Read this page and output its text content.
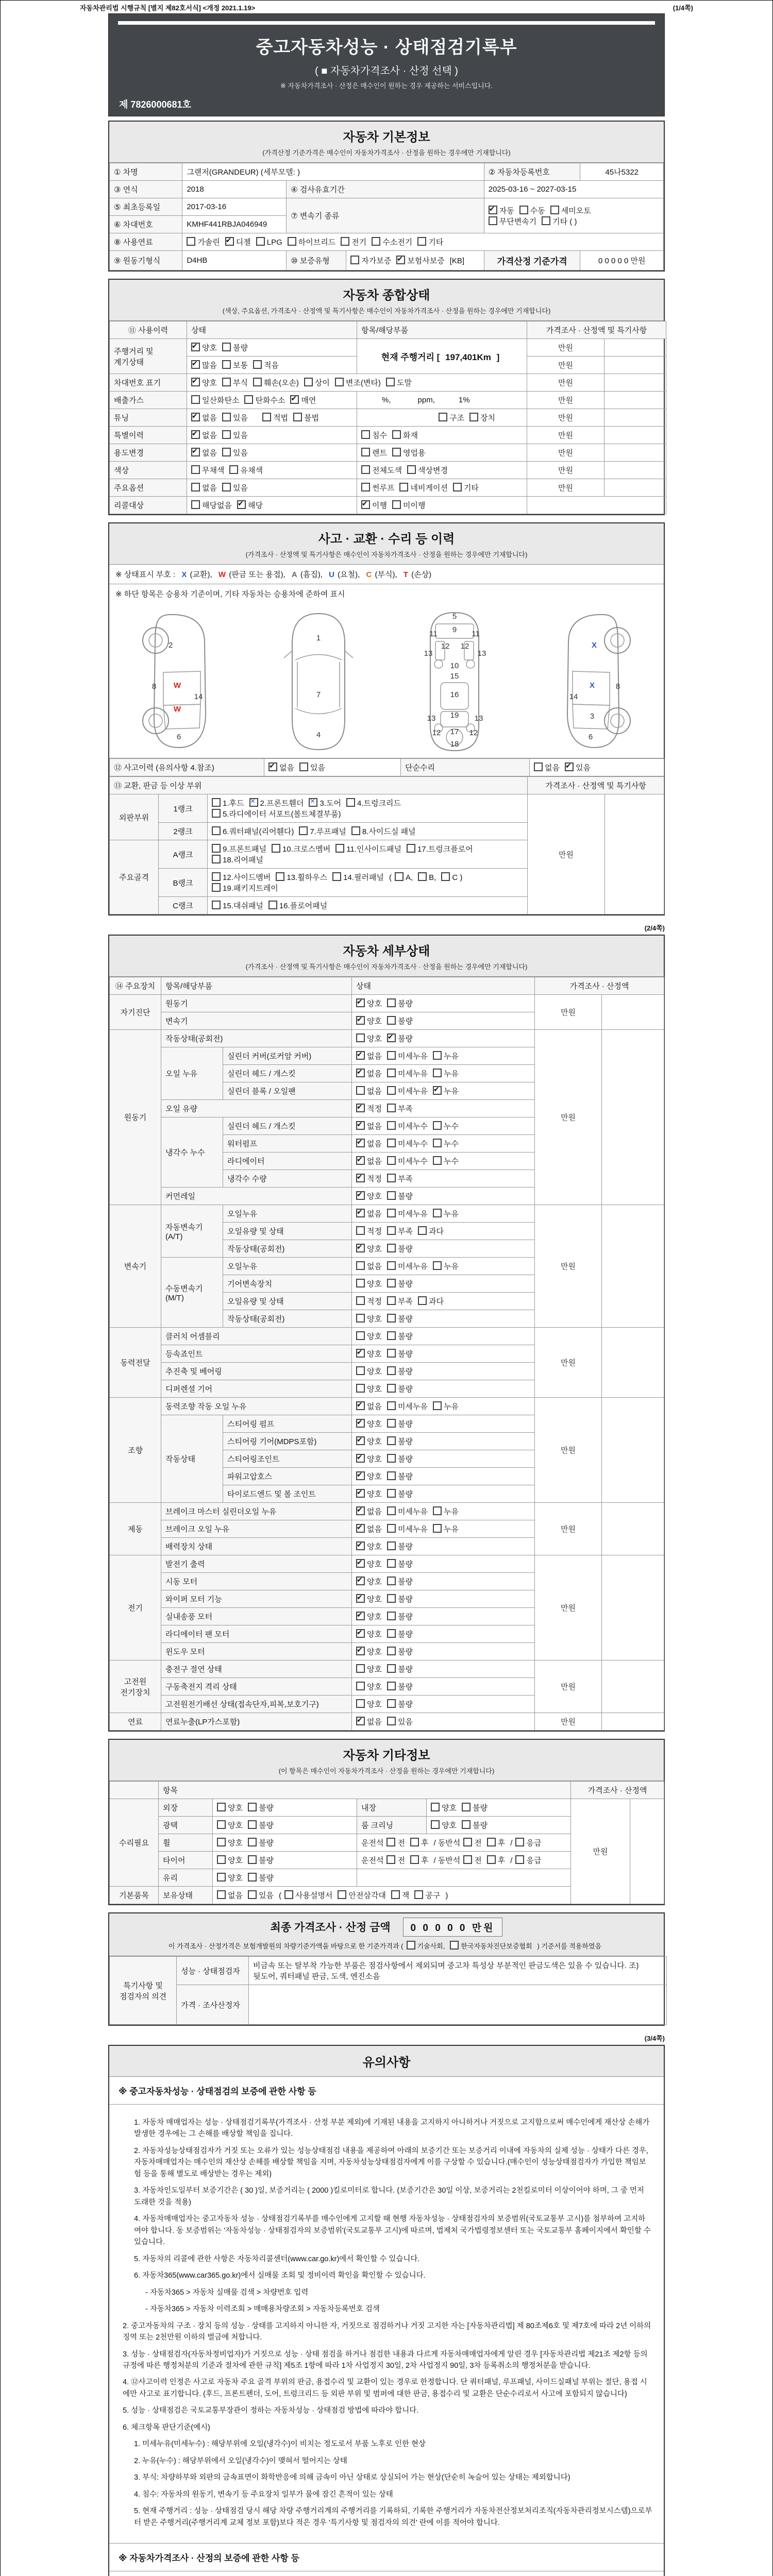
자동차관리법 시행규칙 [별지 제82호서식] <개정 2021.1.19>	(1/4쪽)
중고자동차성능 · 상태점검기록부
( ■ 자동차가격조사 · 산정 선택 )
※ 자동차가격조사 · 산정은 매수인이 원하는 경우 제공하는 서비스입니다.
제 7826000681호
자동차 기본정보
(가격산정 기준가격은 매수인이 자동차가격조사 · 산정을 원하는 경우에만 기재합니다)
① 차명	그랜저(GRANDEUR) (세부모델: )			② 자동차등록번호	45나5322
③ 연식	2018	④ 검사유효기간		2025-03-16 ~ 2027-03-15	
⑤ 최초등록일	2017-03-16	⑦ 변속기 종류	✔자동 수동 세미오토
무단변속기 기타 ( )
⑥ 차대번호	KMHF441RBJA046949				
⑧ 사용연료	가솔린 ✔ 디젤 LPG 하이브리드 전기 수소전기 기타
⑨ 원동기형식	D4HB	⑩ 보증유형	자가보증 ✔ 보험사보증 [KB]	가격산정 기준가격	0 0 0 0 0 만원
자동차 종합상태
(색상, 주요옵션, 가격조사 · 산정액 및 특기사항은 매수인이 자동차가격조사 · 산정을 원하는 경우에만 기재합니다)
⑪ 사용이력	상태	항목/해당부품	가격조사 · 산정액 및 특기사항	
주행거리 및 계기상태	✔양호 불량	현재 주행거리 [ 197,401Km ]	만원	
✔많음 보통 적음		만원	
차대번호 표기	✔양호 부식 훼손(오손) 상이 변조(변타) 도말		만원	
배출가스	일산화탄소 탄화수소 ✔ 매연	%, ppm, 1%	만원	
튜닝	✔없음 있음 적법 불법	구조 장치	만원	
특별이력	✔없음 있음	침수 화재	만원	
용도변경	✔없음 있음	렌트 영업용	만원	
색상	무채색 유채색	전체도색 색상변경	만원	
주요옵션	없음 있음	썬루프 네비게이션 기타	만원	
리콜대상	해당없음 ✔ 해당	✔이행 미이행	
사고 · 교환 · 수리 등 이력
(가격조사 · 산정액 및 특기사항은 매수인이 자동차가격조사 · 산정을 원하는 경우에만 기재합니다)
※ 상태표시 부호 : X (교환), W (판금 또는 용접), A (흠집), U (요철), C (부식), T (손상)
※ 하단 항목은 승용차 기준이며, 기타 자동차는 승용차에 준하여 표시
2
8 W
14
W
6
1
7
4
5
9
11	11
13	13
12 12
10
15
16
19
13	13
12	12
17
18
X
8
X
14
3
6
⑫ 사고이력 (유의사항 4.참조)	✔없음 있음	단순수리	없음 ✔ 있음
⑬ 교환, 판금 등 이상 부위			가격조사 · 산정액 및 특기사항	
외판부위	1랭크	1.후드 ✕ 2.프론트휀더 ✕ 3.도어 4.트렁크리드
5.라디에이터 서포트(볼트체결부품)	만원	
	2랭크	6.쿼터패널(리어휀다) 7.루프패널 8.사이드실 패널		
주요골격	A랭크	9.프론트패널 10.크로스멤버 11.인사이드패널 17.트렁크플로어
18.리어패널		
	B랭크	12.사이드멤버 13.휠하우스 14.필러패널 ( A, B, C )
19.패키지트레이		
	C랭크	15.대쉬패널 16.플로어패널		
(2/4쪽)
자동차 세부상태
(가격조사 · 산정액 및 특기사항은 매수인이 자동차가격조사 · 산정을 원하는 경우에만 기재합니다)
⑭ 주요장치	항목/해당부품		상태	가격조사 · 산정액	
자기진단	원동기	✔양호 불량	만원	
	변속기	✔양호 불량
원동기	작동상태(공회전)		양호 ✔ 불량	만원	
	오일 누유	실린더 커버(로커암 커버)	✔없음 미세누유 누유
		실린더 헤드 / 개스킷	✔없음 미세누유 누유
		실린더 블록 / 오일팬	없음 미세누유 ✔ 누유
	오일 유량	✔적정 부족
	냉각수 누수	실린더 헤드 / 개스킷	✔없음 미세누수 누수
		워터펌프	✔없음 미세누수 누수
		라디에이터	✔없음 미세누수 누수
		냉각수 수량	✔적정 부족
	커먼레일	✔양호 불량
변속기	자동변속기 (A/T)	오일누유	✔없음 미세누유 누유	만원	
		오일유량 및 상태	적정 부족 과다		
		작동상태(공회전)	✔양호 불량
	수동변속기 (M/T)	오일누유	없음 미세누유 누유		
		기어변속장치	양호 불량		
		오일유량 및 상태	적정 부족 과다		
		작동상태(공회전)	양호 불량		
동력전달	클러치 어셈블리		양호 불량	만원	
	등속죠인트	✔양호 불량
	추진축 및 베어링		양호 불량		
	디퍼렌셜 기어		양호 불량		
조향	동력조향 작동 오일 누유	✔없음 미세누유 누유	만원	
	작동상태	스티어링 펌프	✔양호 불량
		스티어링 기어(MDPS포함)	✔양호 불량
		스티어링조인트	✔양호 불량
		파워고압호스	✔양호 불량
		타이로드엔드 및 볼 조인트	✔양호 불량
제동	브레이크 마스터 실린더오일 누유	✔없음 미세누유 누유	만원	
	브레이크 오일 누유	✔없음 미세누유 누유
	배력장치 상태	✔양호 불량
전기	발전기 출력	✔양호 불량	만원	
	시동 모터	✔양호 불량
	와이퍼 모터 기능	✔양호 불량
	실내송풍 모터	✔양호 불량
	라디에이터 팬 모터	✔양호 불량
	윈도우 모터	✔양호 불량
고전원 전기장치	충전구 절연 상태		양호 불량	만원	
	구동축전지 격리 상태		양호 불량		
	고전원전기배선 상태(접속단자,피복,보호기구)		양호 불량		
연료	연료누출(LP가스포함)	✔없음 있음	만원	
자동차 기타정보
(이 항목은 매수인이 자동차가격조사 · 산정을 원하는 경우에만 기재합니다)
	항목				가격조사 · 산정액	
수리필요	외장	양호 불량	내장	양호 불량	만원	
	광택	양호 불량	룸 크리닝	양호 불량		
	휠	양호 불량	운전석 전 후 / 동반석 전 후 / 응급			
	타이어	양호 불량	운전석 전 후 / 동반석 전 후 / 응급			
	유리	양호 불량				
기본품목	보유상태	없음 있음 ( 사용설명서 안전삼각대 잭 공구 )				
최종 가격조사 · 산정 금액 0 0 0 0 0 만원
이 가격조사 · 산정가격은 보험개발원의 차량기준가액을 바탕으로 한 기준가격과 ( 기술사회, 한국자동차진단보증협회 ) 기준서를 적용하였음
특기사항 및 점검자의 의견	성능 · 상태점검자	비금속 또는 탈부착 가능한 부품은 점검사항에서 제외되며 중고차 특성상 부분적인 판금도색은 있을 수 있습니다. 조)뒷도어, 쿼터패널 판금, 도색, 엔진소음
	가격 · 조사산정자	
(3/4쪽)
유의사항
※ 중고자동차성능 · 상태점검의 보증에 관한 사항 등
1. 자동차 매매업자는 성능 · 상태점검기록부(가격조사 · 산정 부분 제외)에 기재된 내용을 고지하지 아니하거나 거짓으로 고지함으로써 매수인에게 재산상 손해가 발생한 경우에는 그 손해를 배상할 책임을 집니다.
2. 자동차성능상태점검자가 거짓 또는 오류가 있는 성능상태점검 내용을 제공하여 아래의 보증기간 또는 보증거리 이내에 자동차의 실제 성능 · 상태가 다른 경우, 자동차매매업자는 매수인의 재산상 손해를 배상할 책임을 지며, 자동차성능상태점검자에게 이를 구상할 수 있습니다.(매수인이 성능상태점검자가 가입한 책임보험 등을 통해 별도로 배상받는 경우는 제외)
3. 자동차인도일부터 보증기간은 ( 30 )일, 보증거리는 ( 2000 )킬로미터로 합니다. (보증기간은 30일 이상, 보증거리는 2천킬로미터 이상이어야 하며, 그 중 먼저 도래한 것을 적용)
4. 자동차매매업자는 중고자동차 성능 · 상태점검기록부를 매수인에게 고지할 때 현행 자동차성능 · 상태점검자의 보증범위(국토교통부 고시)를 첨부하여 고지하여야 합니다. 동 보증범위는 '자동차성능 · 상태점검자의 보증범위'(국토교통부 고시)에 따르며, 법제처 국가법령정보센터 또는 국토교통부 홈페이지에서 확인할 수 있습니다.
5. 자동차의 리콜에 관한 사항은 자동차리콜센터(www.car.go.kr)에서 확인할 수 있습니다.
6. 자동차365(www.car365.go.kr)에서 실매물 조회 및 정비이력 확인을 확인할 수 있습니다.
- 자동차365 > 자동차 실매물 검색 > 차량번호 입력
- 자동차365 > 자동차 이력조회 > 매매용차량조회 > 자동차등록번호 검색
2. 중고자동차의 구조 · 장치 등의 성능 · 상태를 고지하지 아니한 자, 거짓으로 점검하거나 거짓 고지한 자는 [자동차관리법] 제 80조제6호 및 제7호에 따라 2년 이하의 징역 또는 2천만원 이하의 벌금에 처합니다.
3. 성능 · 상태점검자(자동차정비업자)가 거짓으로 성능 · 상태 점검을 하거나 점검한 내용과 다르게 자동차매매업자에게 알린 경우 [자동차관리법 제21조 제2항 등의 규정에 따른 행정처분의 기준과 절차에 관한 규칙] 제5조 1항에 따라 1차 사업정지 30일, 2차 사업정지 90일, 3차 등록취소의 행정처분을 받습니다.
4. ⑫사고이력 인정은 사고로 자동차 주요 골격 부위의 판금, 용접수리 및 교환이 있는 경우로 한정합니다. 단 쿼터패널, 루프패널, 사이드실패널 부위는 절단, 용접 시에만 사고로 표기합니다. (후드, 프론트펜더, 도어, 트렁크리드 등 외판 부위 및 범퍼에 대한 판금, 용접수리 및 교환은 단순수리로서 사고에 포함되지 않습니다)
5. 성능 · 상태점검은 국토교통부장관이 정하는 자동차성능 · 상태점검 방법에 따라야 합니다.
6. 체크항목 판단기준(예시)
1. 미세누유(미세누수) : 해당부위에 오일(냉각수)이 비치는 정도로서 부품 노후로 인한 현상
2. 누유(누수) : 해당부위에서 오일(냉각수)이 맺혀서 떨어지는 상태
3. 부식: 차량하부와 외판의 금속표면이 화학반응에 의해 금속이 아닌 상태로 상실되어 가는 현상(단순히 녹슬어 있는 상태는 제외합니다)
4. 침수: 자동차의 원동기, 변속기 등 주요장치 일부가 물에 잠긴 흔적이 있는 상태
5. 현재 주행거리 : 성능 · 상태점검 당시 해당 차량 주행거리계의 주행거리를 기록하되, 기록한 주행거리가 자동차전산정보처리조직(자동차관리정보시스템)으로부터 받은 주행거리(주행거리계 교체 정보 포함)보다 적은 경우 '특기사항 및 점검자의 의견' 란에 이를 적어야 합니다.
※ 자동차가격조사 · 산정의 보증에 관한 사항 등
